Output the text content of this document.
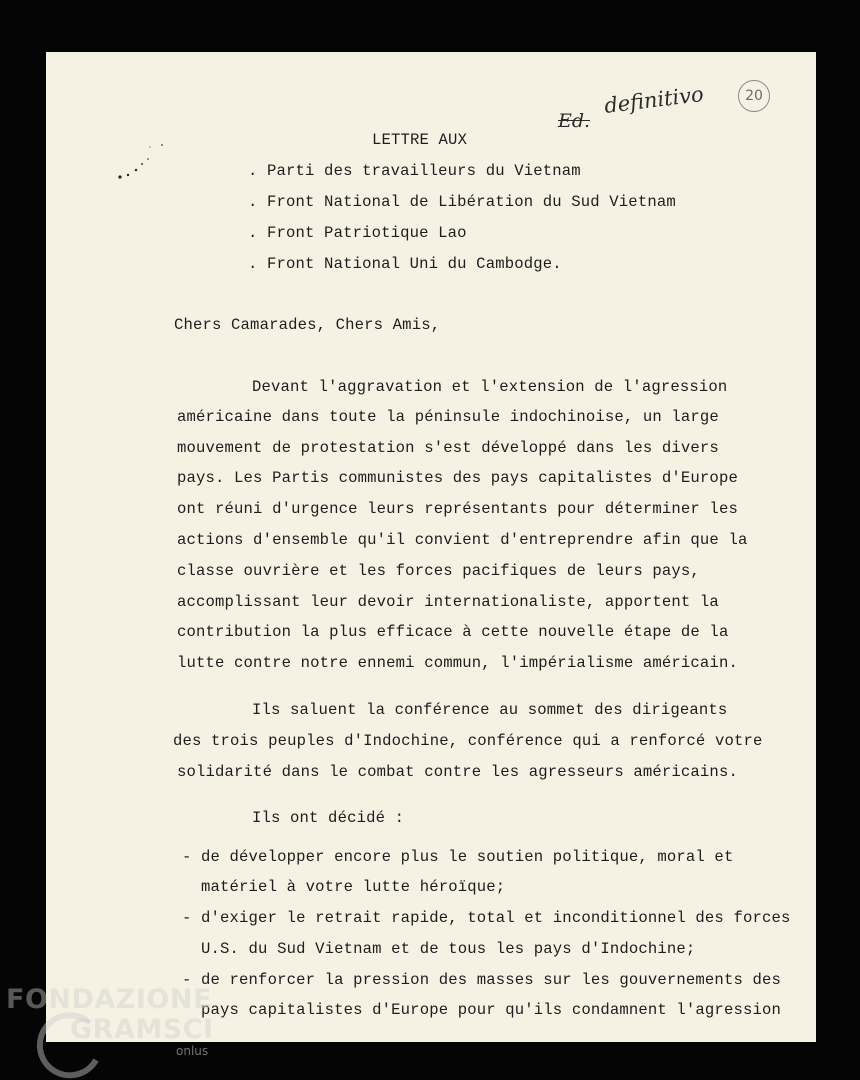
Ed.
definitivo	20
LETTRE AUX
. Parti des travailleurs du Vietnam
. Front National de Libération du Sud Vietnam
. Front Patriotique Lao
. Front National Uni du Cambodge.
Chers Camarades, Chers Amis,
Devant l'aggravation et l'extension de l'agression
américaine dans toute la péninsule indochinoise, un large
mouvement de protestation s'est développé dans les divers
pays. Les Partis communistes des pays capitalistes d'Europe
ont réuni d'urgence leurs représentants pour déterminer les
actions d'ensemble qu'il convient d'entreprendre afin que la
classe ouvrière et les forces pacifiques de leurs pays,
accomplissant leur devoir internationaliste, apportent la
contribution la plus efficace à cette nouvelle étape de la
lutte contre notre ennemi commun, l'impérialisme américain.
Ils saluent la conférence au sommet des dirigeants
des trois peuples d'Indochine, conférence qui a renforcé votre
solidarité dans le combat contre les agresseurs américains.
Ils ont décidé :
- de développer encore plus le soutien politique, moral et
matériel à votre lutte héroïque;
- d'exiger le retrait rapide, total et inconditionnel des forces
U.S. du Sud Vietnam et de tous les pays d'Indochine;
- de renforcer la pression des masses sur les gouvernements des
pays capitalistes d'Europe pour qu'ils condamnent l'agression
FONDAZIONE
GRAMSCI
onlus
